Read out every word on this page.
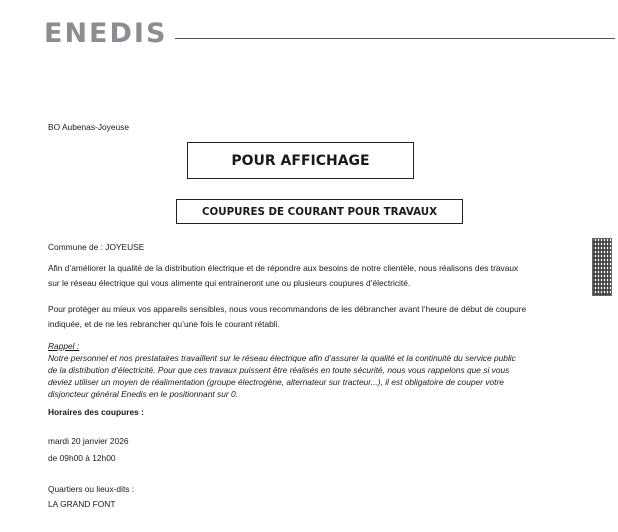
ENEDIS
BO Aubenas-Joyeuse
POUR AFFICHAGE
COUPURES DE COURANT POUR TRAVAUX
Commune de : JOYEUSE
Afin d’améliorer la qualité de la distribution électrique et de répondre aux besoins de notre clientèle, nous réalisons des travaux
sur le réseau électrique qui vous alimente qui entraineront une ou plusieurs coupures d’électricité.
Pour protéger au mieux vos appareils sensibles, nous vous recommandons de les débrancher avant l’heure de début de coupure
indiquée, et de ne les rebrancher qu’une fois le courant rétabli.
Rappel :
Notre personnel et nos prestataires travaillent sur le réseau électrique afin d’assurer la qualité et la continuité du service public
de la distribution d’électricité. Pour que ces travaux puissent être réalisés en toute sécurité, nous vous rappelons que si vous
deviez utiliser un moyen de réalimentation (groupe électrogène, alternateur sur tracteur...), il est obligatoire de couper votre
disjoncteur général Enedis en le positionnant sur 0.
Horaires des coupures :
mardi 20 janvier 2026
de 09h00 à 12h00
Quartiers ou lieux-dits :
LA GRAND FONT
